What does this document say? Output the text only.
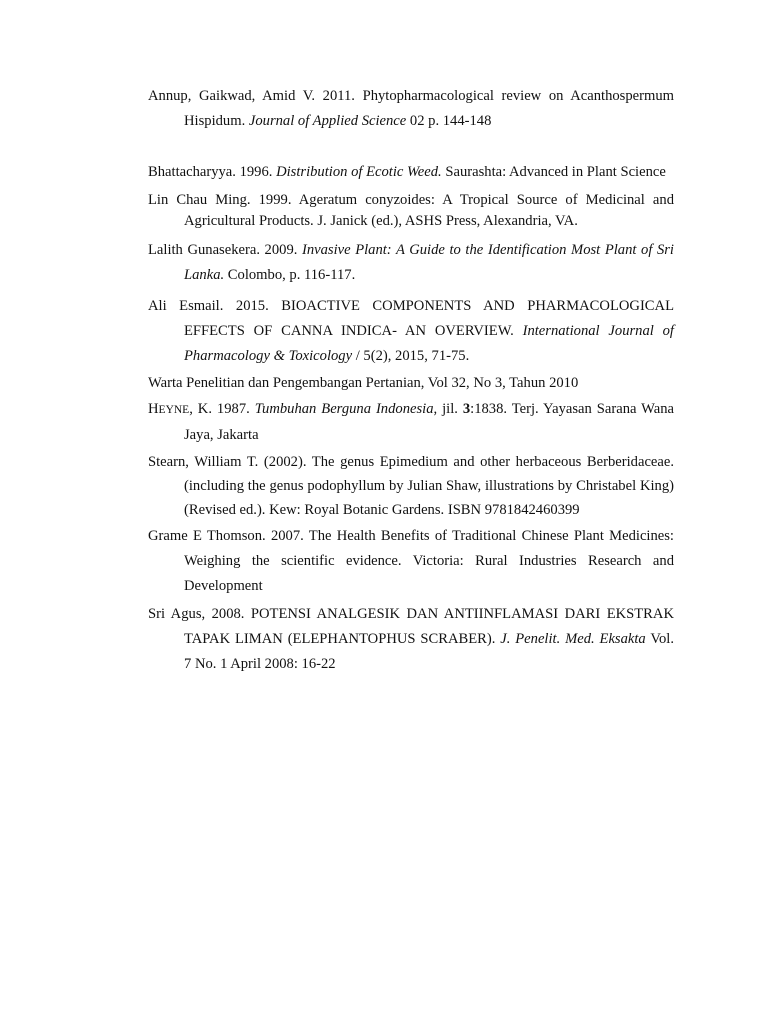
Annup, Gaikwad, Amid V. 2011. Phytopharmacological review on Acanthospermum Hispidum. Journal of Applied Science 02 p. 144-148

Bhattacharyya. 1996. Distribution of Ecotic Weed. Saurashta: Advanced in Plant Science

Lin Chau Ming. 1999. Ageratum conyzoides: A Tropical Source of Medicinal and Agricultural Products. J. Janick (ed.), ASHS Press, Alexandria, VA.

Lalith Gunasekera. 2009. Invasive Plant: A Guide to the Identification Most Plant of Sri Lanka. Colombo, p. 116-117.

Ali Esmail. 2015. BIOACTIVE COMPONENTS AND PHARMACOLOGICAL EFFECTS OF CANNA INDICA- AN OVERVIEW. International Journal of Pharmacology & Toxicology / 5(2), 2015, 71-75.

Warta Penelitian dan Pengembangan Pertanian, Vol 32, No 3, Tahun 2010

HEYNE, K. 1987. Tumbuhan Berguna Indonesia, jil. 3:1838. Terj. Yayasan Sarana Wana Jaya, Jakarta

Stearn, William T. (2002). The genus Epimedium and other herbaceous Berberidaceae. (including the genus podophyllum by Julian Shaw, illustrations by Christabel King) (Revised ed.). Kew: Royal Botanic Gardens. ISBN 9781842460399

Grame E Thomson. 2007. The Health Benefits of Traditional Chinese Plant Medicines: Weighing the scientific evidence. Victoria: Rural Industries Research and Development

Sri Agus, 2008. POTENSI ANALGESIK DAN ANTIINFLAMASI DARI EKSTRAK TAPAK LIMAN (ELEPHANTOPHUS SCRABER). J. Penelit. Med. Eksakta Vol. 7 No. 1 April 2008: 16-22
